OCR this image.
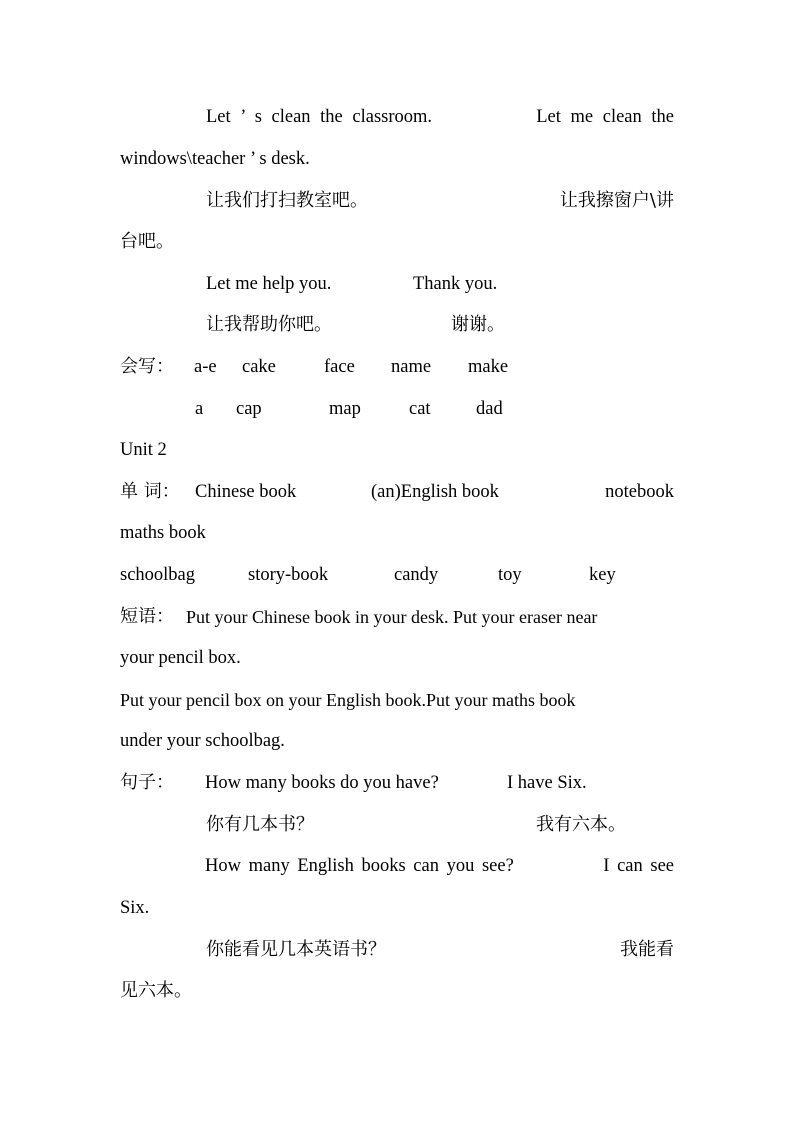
Let ’ s clean the classroom.	Let me clean the
windows\teacher ’ s desk.
让我们打扫教室吧。	让我擦窗户\讲
台吧。
Let me help you.	Thank you.
让我帮助你吧。	谢谢。
会写： a-e cake	face name make
a cap	map	cat dad
Unit 2
单 词： Chinese book	(an)English book	notebook
maths book
schoolbag	story-book	candy	toy	key
短语： Put your Chinese book in your desk. Put your eraser near
your pencil box.
Put your pencil box on your English book.Put your maths book
under your schoolbag.
句子： How many books do you have?	I have Six.
你有几本书？	我有六本。
How many English books can you see?	I can see
Six.
你能看见几本英语书？	我能看
见六本。
